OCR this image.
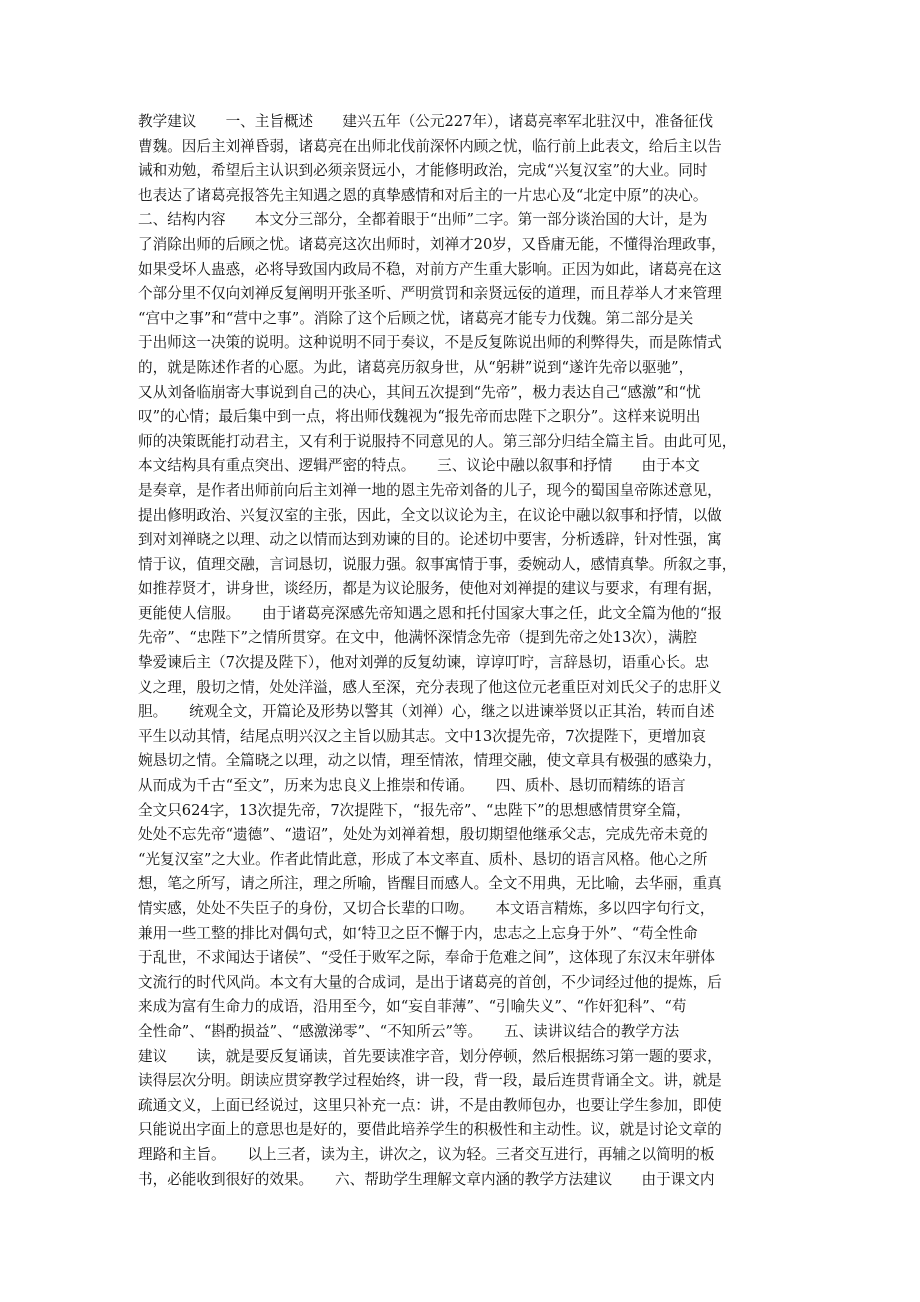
教学建议　　一、主旨概述　　建兴五年（公元227年），诸葛亮率军北驻汉中，准备征伐
曹魏。因后主刘禅昏弱，诸葛亮在出师北伐前深怀内顾之忧，临行前上此表文，给后主以告
诫和劝勉，希望后主认识到必须亲贤远小，才能修明政治，完成“兴复汉室”的大业。同时
也表达了诸葛亮报答先主知遇之恩的真挚感情和对后主的一片忠心及“北定中原”的决心。
二、结构内容　　本文分三部分，全都着眼于“出师”二字。第一部分谈治国的大计，是为
了消除出师的后顾之忧。诸葛亮这次出师时，刘禅才20岁，又昏庸无能，不懂得治理政事，
如果受坏人蛊惑，必将导致国内政局不稳，对前方产生重大影响。正因为如此，诸葛亮在这
个部分里不仅向刘禅反复阐明开张圣听、严明赏罚和亲贤远佞的道理，而且荐举人才来管理
“宫中之事”和“营中之事”。消除了这个后顾之忧，诸葛亮才能专力伐魏。第二部分是关
于出师这一决策的说明。这种说明不同于奏议，不是反复陈说出师的利弊得失，而是陈情式
的，就是陈述作者的心愿。为此，诸葛亮历叙身世，从“躬耕”说到“遂许先帝以驱驰”，
又从刘备临崩寄大事说到自己的决心，其间五次提到“先帝”，极力表达自己“感激”和“忧
叹”的心情；最后集中到一点，将出师伐魏视为“报先帝而忠陛下之职分”。这样来说明出
师的决策既能打动君主，又有利于说服持不同意见的人。第三部分归结全篇主旨。由此可见，
本文结构具有重点突出、逻辑严密的特点。　　三、议论中融以叙事和抒情　　由于本文
是奏章，是作者出师前向后主刘禅一地的恩主先帝刘备的儿子，现今的蜀国皇帝陈述意见，
提出修明政治、兴复汉室的主张，因此，全文以议论为主，在议论中融以叙事和抒情，以做
到对刘禅晓之以理、动之以情而达到劝谏的目的。论述切中要害，分析透辟，针对性强，寓
情于议，值理交融，言词恳切，说服力强。叙事寓情于事，委婉动人，感情真挚。所叙之事，
如推荐贤才，讲身世，谈经历，都是为议论服务，使他对刘禅提的建议与要求，有理有据，
更能使人信服。　　由于诸葛亮深感先帝知遇之恩和托付国家大事之任，此文全篇为他的“报
先帝”、“忠陛下”之情所贯穿。在文中，他满怀深情念先帝（提到先帝之处13次），满腔
挚爱谏后主（7次提及陛下），他对刘弹的反复幼谏，谆谆叮咛，言辞恳切，语重心长。忠
义之理，殷切之情，处处洋溢，感人至深，充分表现了他这位元老重臣对刘氏父子的忠肝义
胆。　　统观全文，开篇论及形势以警其（刘禅）心，继之以进谏举贤以正其治，转而自述
平生以动其情，结尾点明兴汉之主旨以励其志。文中13次提先帝，7次提陛下，更增加哀
婉恳切之情。全篇晓之以理，动之以情，理至情浓，情理交融，使文章具有极强的感染力，
从而成为千古“至文”，历来为忠良义上推崇和传诵。　　四、质朴、恳切而精练的语言
全文只624字，13次提先帝，7次提陛下，“报先帝”、“忠陛下”的思想感情贯穿全篇，
处处不忘先帝“遗德”、“遗诏”，处处为刘禅着想，殷切期望他继承父志，完成先帝未竟的
“光复汉室”之大业。作者此情此意，形成了本文率直、质朴、恳切的语言风格。他心之所
想，笔之所写，请之所注，理之所喻，皆醒目而感人。全文不用典，无比喻，去华丽，重真
情实感，处处不失臣子的身份，又切合长辈的口吻。　　本文语言精炼，多以四字句行文，
兼用一些工整的排比对偶句式，如‘特卫之臣不懈于内，忠志之上忘身于外”、“苟全性命
于乱世，不求闻达于诸侯”、“受任于败军之际，奉命于危难之间”，这体现了东汉末年骈体
文流行的时代风尚。本文有大量的合成词，是出于诸葛亮的首创，不少词经过他的提炼，后
来成为富有生命力的成语，沿用至今，如“妄自菲薄”、“引喻失义”、“作奸犯科”、“苟
全性命”、“斟酌损益”、“感激涕零”、“不知所云”等。　　五、读讲议结合的教学方法
建议　　读，就是要反复诵读，首先要读准字音，划分停顿，然后根据练习第一题的要求，
读得层次分明。朗读应贯穿教学过程始终，讲一段，背一段，最后连贯背诵全文。讲，就是
疏通文义，上面已经说过，这里只补充一点：讲，不是由教师包办，也要让学生参加，即使
只能说出字面上的意思也是好的，要借此培养学生的积极性和主动性。议，就是讨论文章的
理路和主旨。　　以上三者，读为主，讲次之，议为轻。三者交互进行，再辅之以简明的板
书，必能收到很好的效果。　　六、帮助学生理解文章内涵的教学方法建议　　由于课文内
